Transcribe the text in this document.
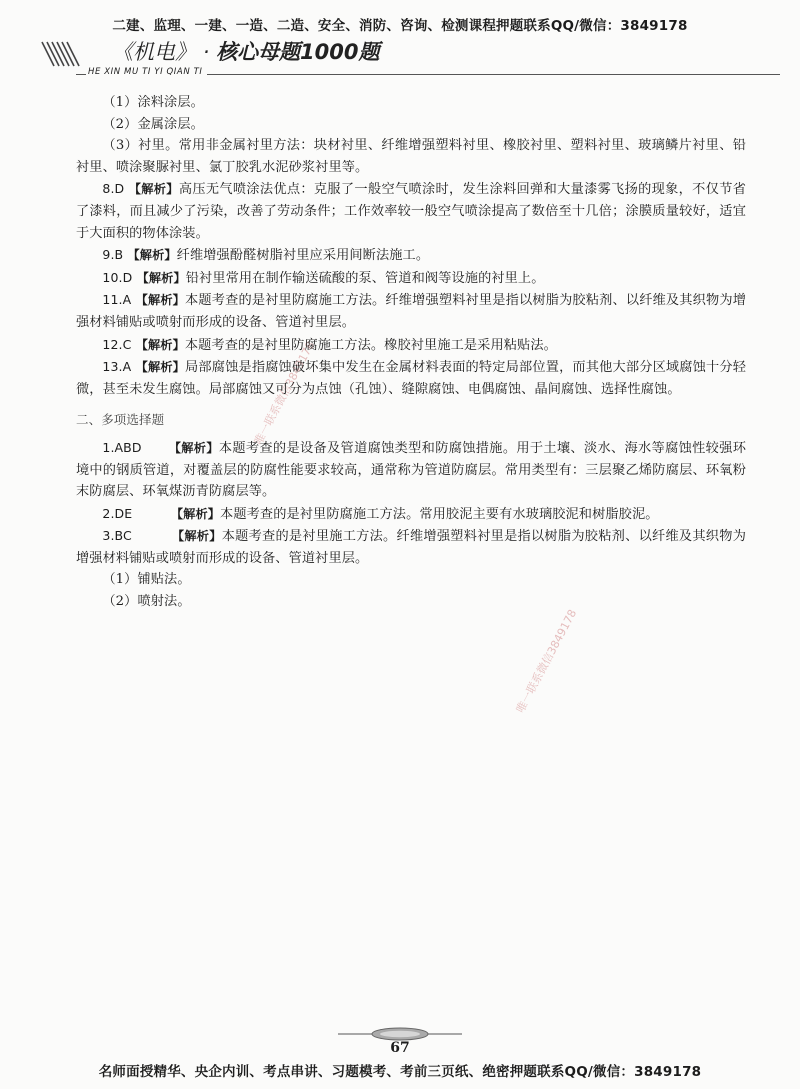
二建、监理、一建、一造、二造、安全、消防、咨询、检测课程押题联系QQ/微信：3849178
《机电》 · 核心母题1000题
HE XIN MU TI YI QIAN TI
唯一联系微信3849178
唯一联系微信3849178

（1）涂料涂层。

（2）金属涂层。

（3）衬里。常用非金属衬里方法：块材衬里、纤维增强塑料衬里、橡胶衬里、塑料衬里、玻璃鳞片衬里、铅衬里、喷涂聚脲衬里、氯丁胶乳水泥砂浆衬里等。

8.D 【解析】高压无气喷涂法优点：克服了一般空气喷涂时，发生涂料回弹和大量漆雾飞扬的现象，不仅节省了漆料，而且减少了污染，改善了劳动条件；工作效率较一般空气喷涂提高了数倍至十几倍；涂膜质量较好，适宜于大面积的物体涂装。

9.B 【解析】纤维增强酚醛树脂衬里应采用间断法施工。

10.D 【解析】铅衬里常用在制作输送硫酸的泵、管道和阀等设施的衬里上。

11.A 【解析】本题考查的是衬里防腐施工方法。纤维增强塑料衬里是指以树脂为胶粘剂、以纤维及其织物为增强材料铺贴或喷射而形成的设备、管道衬里层。

12.C 【解析】本题考查的是衬里防腐施工方法。橡胶衬里施工是采用粘贴法。

13.A 【解析】局部腐蚀是指腐蚀破坏集中发生在金属材料表面的特定局部位置，而其他大部分区域腐蚀十分轻微，甚至未发生腐蚀。局部腐蚀又可分为点蚀（孔蚀）、缝隙腐蚀、电偶腐蚀、晶间腐蚀、选择性腐蚀。

二、多项选择题

1.ABD 【解析】本题考查的是设备及管道腐蚀类型和防腐蚀措施。用于土壤、淡水、海水等腐蚀性较强环境中的钢质管道，对覆盖层的防腐性能要求较高，通常称为管道防腐层。常用类型有：三层聚乙烯防腐层、环氧粉末防腐层、环氧煤沥青防腐层等。

2.DE	【解析】本题考查的是衬里防腐施工方法。常用胶泥主要有水玻璃胶泥和树脂胶泥。

3.BC	【解析】本题考查的是衬里施工方法。纤维增强塑料衬里是指以树脂为胶粘剂、以纤维及其织物为增强材料铺贴或喷射而形成的设备、管道衬里层。

（1）铺贴法。

（2）喷射法。

67
名师面授精华、央企内训、考点串讲、习题模考、考前三页纸、绝密押题联系QQ/微信：3849178
